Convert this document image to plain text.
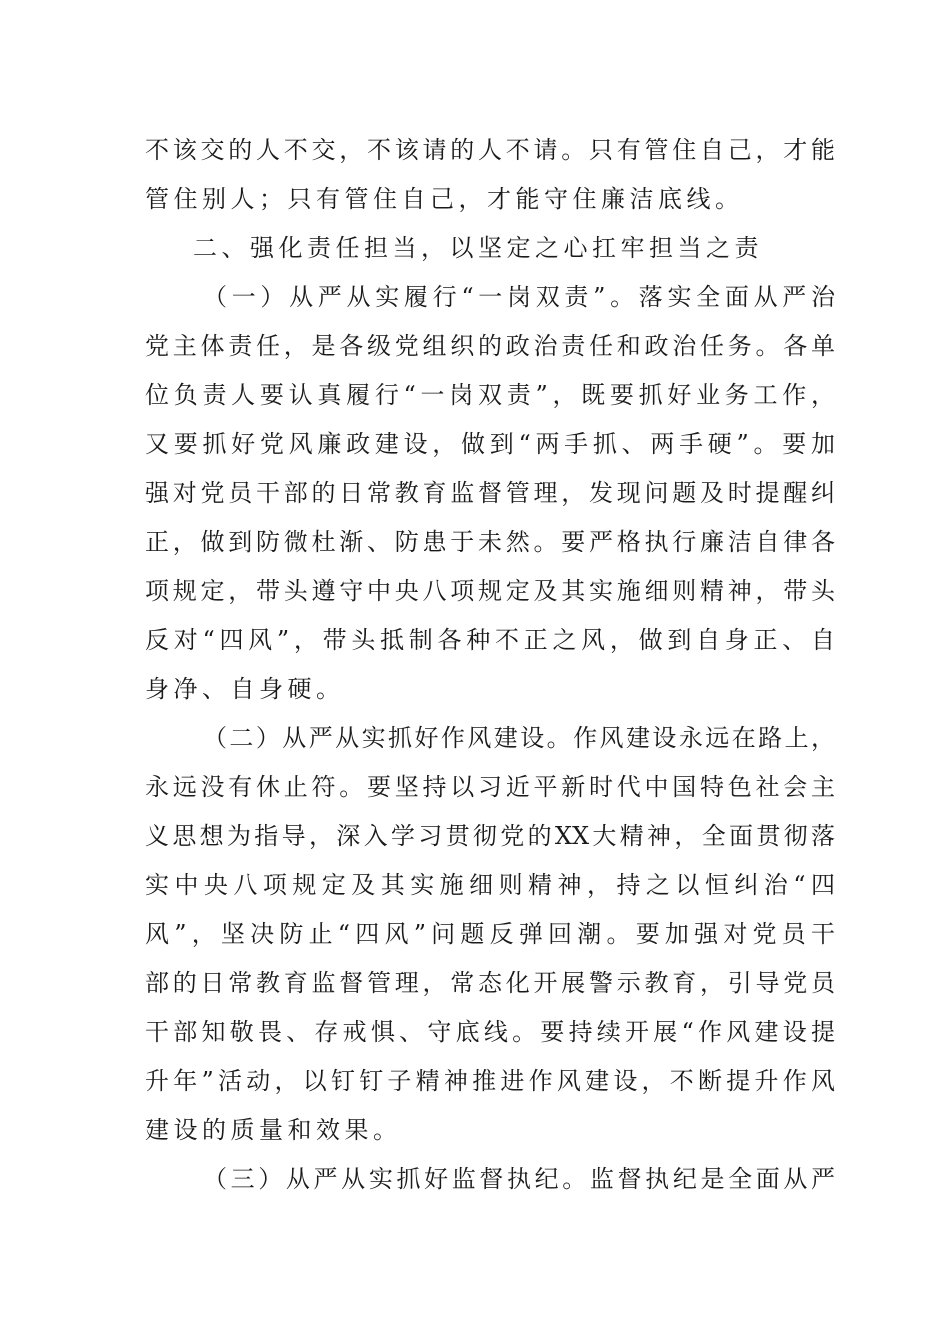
不该交的人不交，不该请的人不请。只有管住自己，才能
管住别人；只有管住自己，才能守住廉洁底线。
二、强化责任担当，以坚定之心扛牢担当之责
（一）从严从实履行“一岗双责”。落实全面从严治
党主体责任，是各级党组织的政治责任和政治任务。各单
位负责人要认真履行“一岗双责”，既要抓好业务工作，
又要抓好党风廉政建设，做到“两手抓、两手硬”。要加
强对党员干部的日常教育监督管理，发现问题及时提醒纠
正，做到防微杜渐、防患于未然。要严格执行廉洁自律各
项规定，带头遵守中央八项规定及其实施细则精神，带头
反对“四风”，带头抵制各种不正之风，做到自身正、自
身净、自身硬。
（二）从严从实抓好作风建设。作风建设永远在路上，
永远没有休止符。要坚持以习近平新时代中国特色社会主
义思想为指导，深入学习贯彻党的XX大精神，全面贯彻落
实中央八项规定及其实施细则精神，持之以恒纠治“四
风”，坚决防止“四风”问题反弹回潮。要加强对党员干
部的日常教育监督管理，常态化开展警示教育，引导党员
干部知敬畏、存戒惧、守底线。要持续开展“作风建设提
升年”活动，以钉钉子精神推进作风建设，不断提升作风
建设的质量和效果。
（三）从严从实抓好监督执纪。监督执纪是全面从严
